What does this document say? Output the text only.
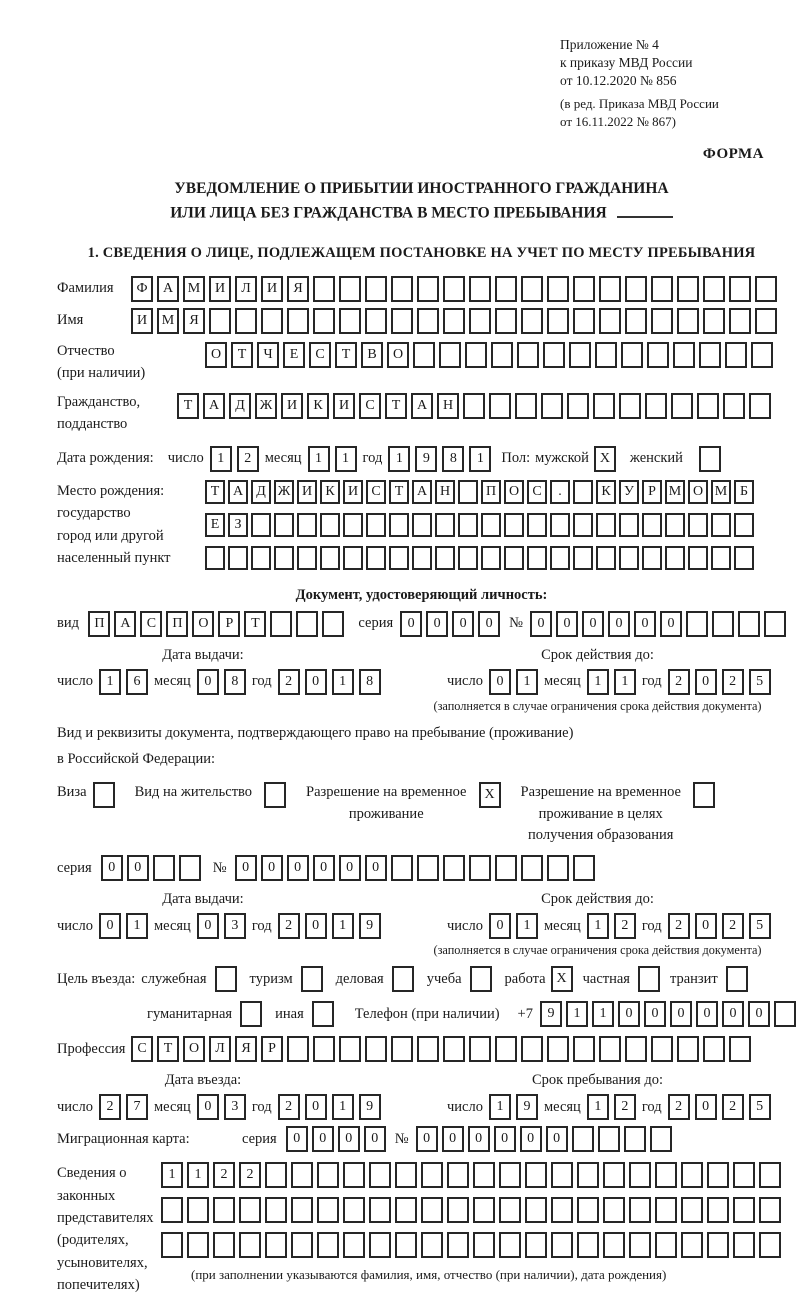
Приложение № 4
к приказу МВД России
от 10.12.2020 № 856
(в ред. Приказа МВД России
от 16.11.2022 № 867)
ФОРМА
УВЕДОМЛЕНИЕ О ПРИБЫТИИ ИНОСТРАННОГО ГРАЖДАНИНА
ИЛИ ЛИЦА БЕЗ ГРАЖДАНСТВА В МЕСТО ПРЕБЫВАНИЯ
1. СВЕДЕНИЯ О ЛИЦЕ, ПОДЛЕЖАЩЕМ ПОСТАНОВКЕ НА УЧЕТ ПО МЕСТУ ПРЕБЫВАНИЯ
Фамилия	Ф	А	М	И	Л	И	Я
Имя	И	М	Я
Отчество
(при наличии)
О	Т	Ч	Е	С	Т	В	О
Гражданство,
подданство
Т	А	Д	Ж	И	К	И	С	Т	А	Н
Дата рождения: число 1	2 месяц 1	1 год 1	9	8	1	Пол: мужской X	женский
Место рождения:
государство
город или другой
населенный пункт
Т А Д Ж И К И С	Т А Н	П О С	.	К У	Р М О М Б
Е	З
Документ, удостоверяющий личность:
вид	П	А	С	П	О	Р	Т	серия	0	0	0	0	№	0	0	0	0	0	0
Дата выдачи:
число 1	6 месяц 0	8 год 2	0	1	8
Срок действия до:
число 0	1 месяц 1	1 год 2	0	2	5
(заполняется в случае ограничения срока действия документа)
Вид и реквизиты документа, подтверждающего право на пребывание (проживание)
в Российской Федерации:
Виза	Вид на жительство	Разрешение на временное
проживание
X	Разрешение на временное
проживание в целях
получения образования
серия	0	0	№	0	0	0	0	0	0
Дата выдачи:
число 0	1 месяц 0	3 год 2	0	1	9
Срок действия до:
число 0	1 месяц 1	2 год 2	0	2	5
(заполняется в случае ограничения срока действия документа)
Цель въезда: служебная	туризм	деловая	учеба	работа X	частная	транзит
гуманитарная	иная	Телефон (при наличии) +7	9	1	1	0	0	0	0	0	0
Профессия С	Т	О	Л	Я	Р
Дата въезда:
число 2	7 месяц 0	3 год 2	0	1	9
Срок пребывания до:
число 1	9 месяц 1	2 год 2	0	2	5
Миграционная карта:	серия	0	0	0	0	№	0	0	0	0	0	0
Сведения о
законных
представителях
(родителях,
усыновителях,
попечителях)
1	1	2	2
(при заполнении указываются фамилия, имя, отчество (при наличии), дата рождения)
